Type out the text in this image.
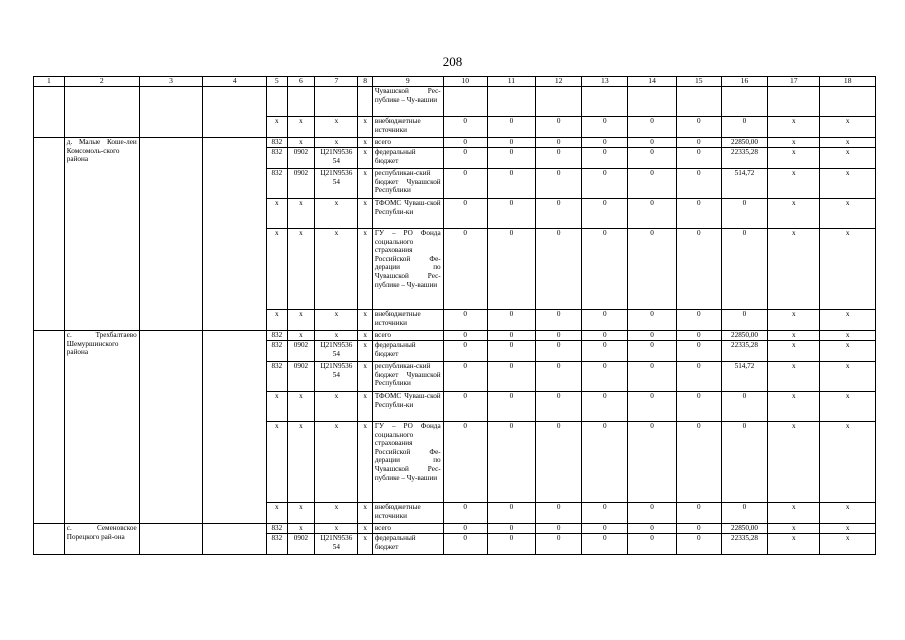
208
1	2	3	4	5	6	7	8	9	10	11	12	13	14	15	16	17	18
								Чувашской Рес-публике – Чу-вашии									
				x	x	x	x	внебюджетные источники	0	0	0	0	0	0	0	x	x
	д. Малые Коше-леи Комсомоль-ского района			832	x	x	x	всего	0	0	0	0	0	0	22850,00	x	x
				832	0902	Ц21N9536 54	x	федеральный бюджет	0	0	0	0	0	0	22335,28	x	x
				832	0902	Ц21N9536 54	x	республикан-ский бюджет Чувашской Республики	0	0	0	0	0	0	514,72	x	x
				x	x	x	x	ТФОМС Чуваш-ской Республи-ки	0	0	0	0	0	0	0	x	x
				x	x	x	x	ГУ – РО Фонда социального страхования Российской Фе-дерации по Чувашской Рес-публике – Чу-вашии	0	0	0	0	0	0	0	x	x
				x	x	x	x	внебюджетные источники	0	0	0	0	0	0	0	x	x
	с. Трехбалтаево Шемуршинского района			832	x	x	x	всего	0	0	0	0	0	0	22850,00	x	x
				832	0902	Ц21N9536 54	x	федеральный бюджет	0	0	0	0	0	0	22335,28	x	x
				832	0902	Ц21N9536 54	x	республикан-ский бюджет Чувашской Республики	0	0	0	0	0	0	514,72	x	x
				x	x	x	x	ТФОМС Чуваш-ской Республи-ки	0	0	0	0	0	0	0	x	x
				x	x	x	x	ГУ – РО Фонда социального страхования Российской Фе-дерации по Чувашской Рес-публике – Чу-вашии	0	0	0	0	0	0	0	x	x
				x	x	x	x	внебюджетные источники	0	0	0	0	0	0	0	x	x
	с. Семеновское Порецкого рай-она			832	x	x	x	всего	0	0	0	0	0	0	22850,00	x	x
				832	0902	Ц21N9536 54	x	федеральный бюджет	0	0	0	0	0	0	22335,28	x	x
